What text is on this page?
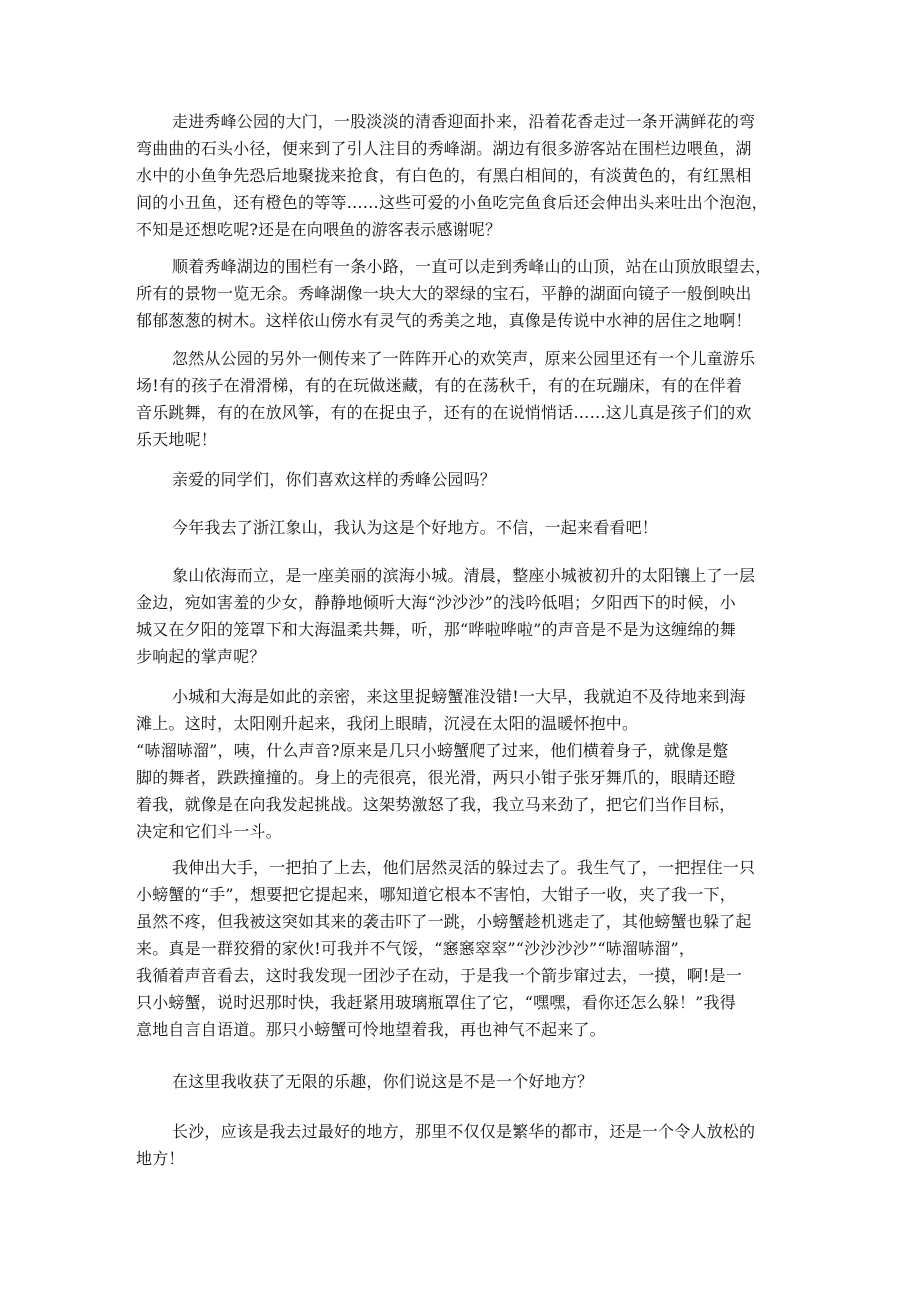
走进秀峰公园的大门，一股淡淡的清香迎面扑来，沿着花香走过一条开满鲜花的弯
弯曲曲的石头小径，便来到了引人注目的秀峰湖。湖边有很多游客站在围栏边喂鱼，湖
水中的小鱼争先恐后地聚拢来抢食，有白色的，有黑白相间的，有淡黄色的，有红黑相
间的小丑鱼，还有橙色的等等……这些可爱的小鱼吃完鱼食后还会伸出头来吐出个泡泡，
不知是还想吃呢?还是在向喂鱼的游客表示感谢呢？
顺着秀峰湖边的围栏有一条小路，一直可以走到秀峰山的山顶，站在山顶放眼望去，
所有的景物一览无余。秀峰湖像一块大大的翠绿的宝石，平静的湖面向镜子一般倒映出
郁郁葱葱的树木。这样依山傍水有灵气的秀美之地，真像是传说中水神的居住之地啊！
忽然从公园的另外一侧传来了一阵阵开心的欢笑声，原来公园里还有一个儿童游乐
场!有的孩子在滑滑梯，有的在玩做迷藏，有的在荡秋千，有的在玩蹦床，有的在伴着
音乐跳舞，有的在放风筝，有的在捉虫子，还有的在说悄悄话……这儿真是孩子们的欢
乐天地呢！
亲爱的同学们，你们喜欢这样的秀峰公园吗？
今年我去了浙江象山，我认为这是个好地方。不信，一起来看看吧！
象山依海而立，是一座美丽的滨海小城。清晨，整座小城被初升的太阳镶上了一层
金边，宛如害羞的少女，静静地倾听大海“沙沙沙”的浅吟低唱；夕阳西下的时候，小
城又在夕阳的笼罩下和大海温柔共舞，听，那“哗啦哗啦”的声音是不是为这缠绵的舞
步响起的掌声呢？
小城和大海是如此的亲密，来这里捉螃蟹准没错!一大早，我就迫不及待地来到海
滩上。这时，太阳刚升起来，我闭上眼睛，沉浸在太阳的温暖怀抱中。
“哧溜哧溜”，咦，什么声音?原来是几只小螃蟹爬了过来，他们横着身子，就像是蹩
脚的舞者，跌跌撞撞的。身上的壳很亮，很光滑，两只小钳子张牙舞爪的，眼睛还瞪
着我，就像是在向我发起挑战。这架势激怒了我，我立马来劲了，把它们当作目标，
决定和它们斗一斗。
我伸出大手，一把拍了上去，他们居然灵活的躲过去了。我生气了，一把捏住一只
小螃蟹的“手”，想要把它提起来，哪知道它根本不害怕，大钳子一收，夹了我一下，
虽然不疼，但我被这突如其来的袭击吓了一跳，小螃蟹趁机逃走了，其他螃蟹也躲了起
来。真是一群狡猾的家伙!可我并不气馁，“窸窸窣窣”“沙沙沙沙”“哧溜哧溜”，
我循着声音看去，这时我发现一团沙子在动，于是我一个箭步窜过去，一摸，啊!是一
只小螃蟹，说时迟那时快，我赶紧用玻璃瓶罩住了它，“嘿嘿，看你还怎么躲！”我得
意地自言自语道。那只小螃蟹可怜地望着我，再也神气不起来了。
在这里我收获了无限的乐趣，你们说这是不是一个好地方？
长沙，应该是我去过最好的地方，那里不仅仅是繁华的都市，还是一个令人放松的
地方！
